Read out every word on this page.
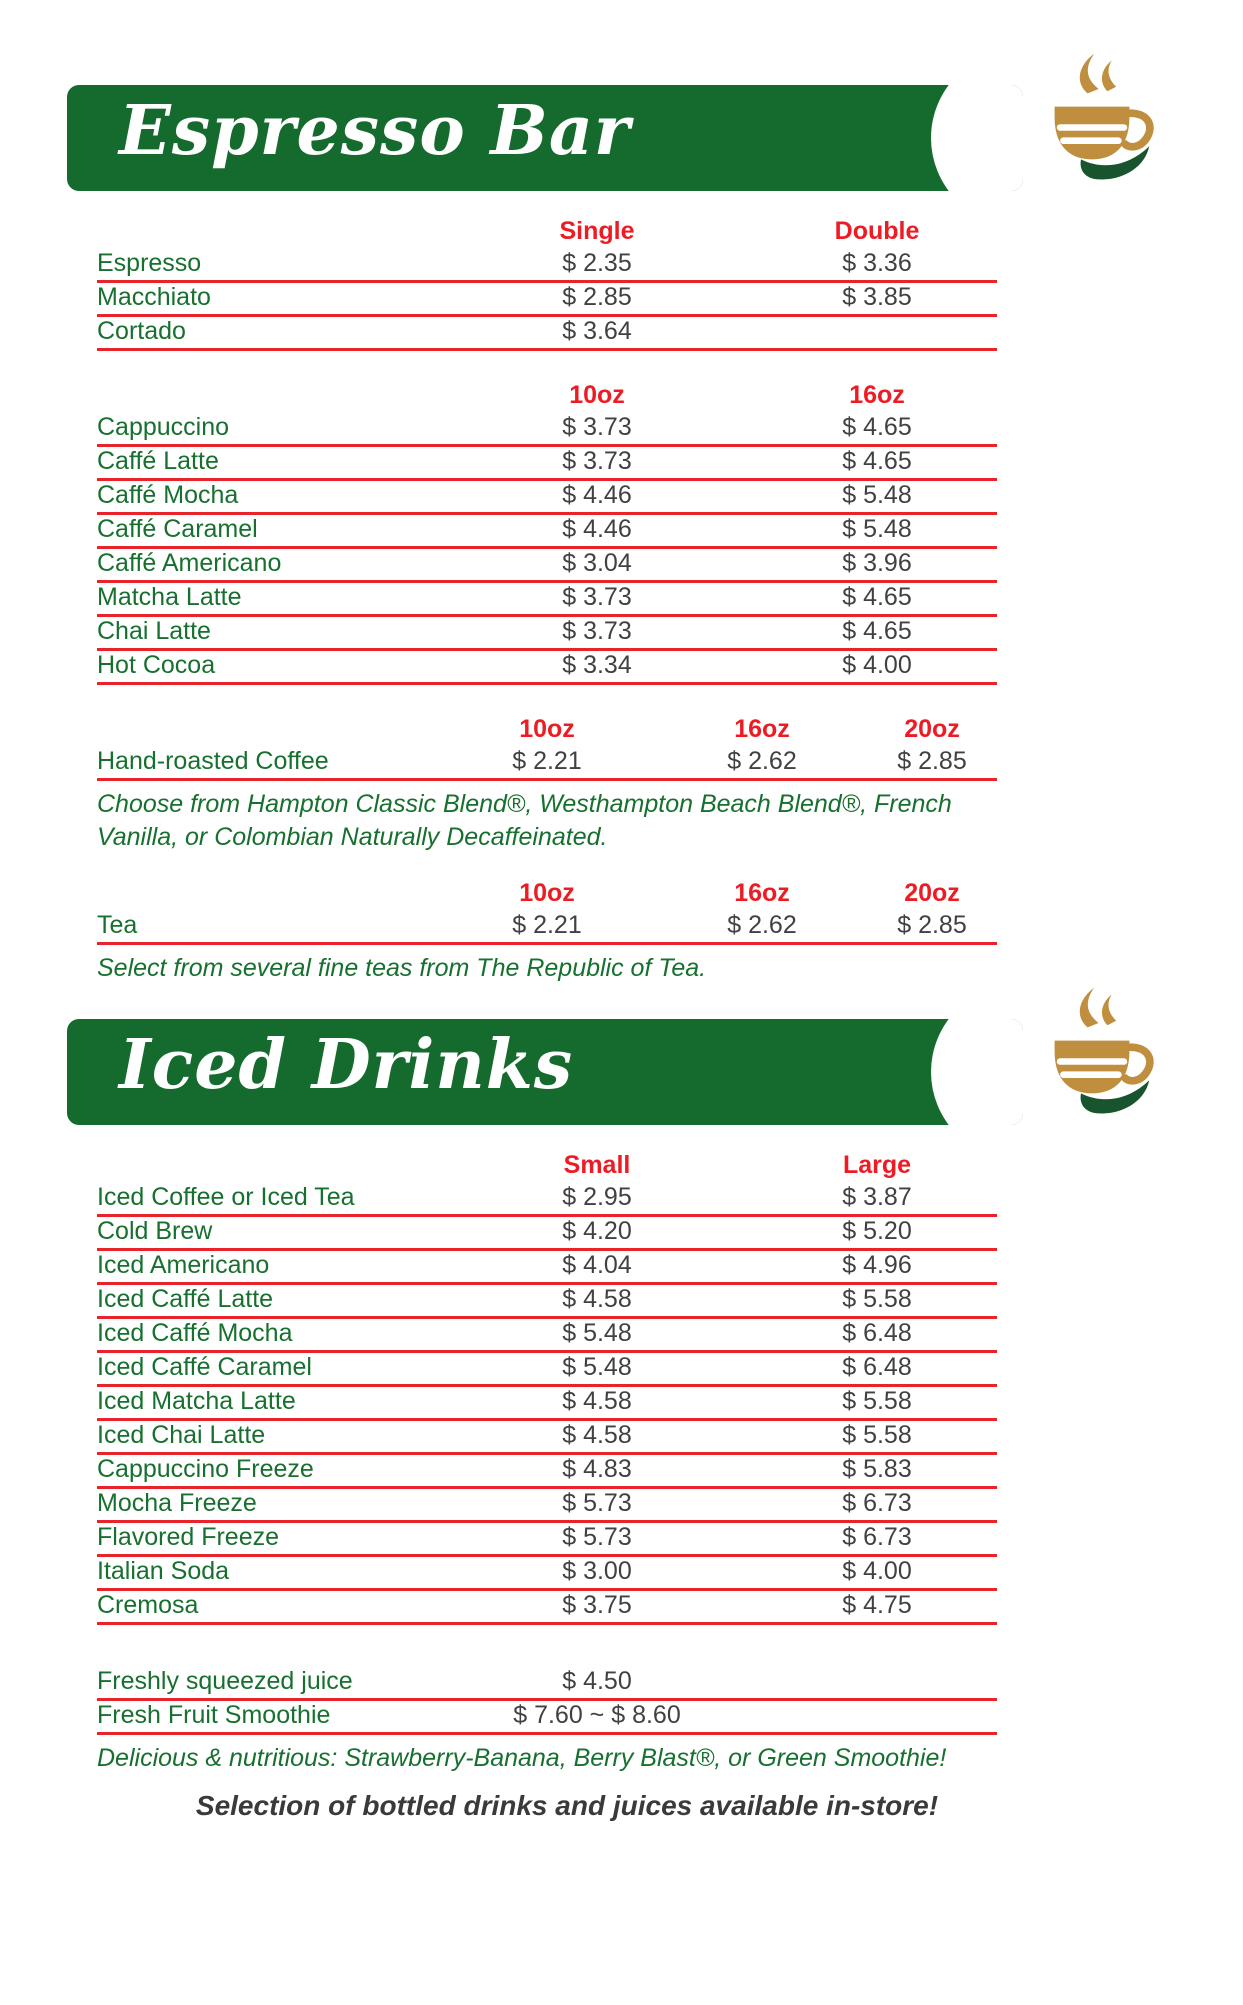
Espresso Bar
Single	Double
Espresso	$ 2.35	$ 3.36
Macchiato	$ 2.85	$ 3.85
Cortado	$ 3.64
10oz	16oz
Cappuccino	$ 3.73	$ 4.65
Caffé Latte	$ 3.73	$ 4.65
Caffé Mocha	$ 4.46	$ 5.48
Caffé Caramel	$ 4.46	$ 5.48
Caffé Americano	$ 3.04	$ 3.96
Matcha Latte	$ 3.73	$ 4.65
Chai Latte	$ 3.73	$ 4.65
Hot Cocoa	$ 3.34	$ 4.00
10oz	16oz	20oz
Hand-roasted Coffee	$ 2.21	$ 2.62	$ 2.85
Choose from Hampton Classic Blend®, Westhampton Beach Blend®, French Vanilla, or Colombian Naturally Decaffeinated.
10oz	16oz	20oz
Tea	$ 2.21	$ 2.62	$ 2.85
Select from several fine teas from The Republic of Tea.
Iced Drinks
Small	Large
Iced Coffee or Iced Tea	$ 2.95	$ 3.87
Cold Brew	$ 4.20	$ 5.20
Iced Americano	$ 4.04	$ 4.96
Iced Caffé Latte	$ 4.58	$ 5.58
Iced Caffé Mocha	$ 5.48	$ 6.48
Iced Caffé Caramel	$ 5.48	$ 6.48
Iced Matcha Latte	$ 4.58	$ 5.58
Iced Chai Latte	$ 4.58	$ 5.58
Cappuccino Freeze	$ 4.83	$ 5.83
Mocha Freeze	$ 5.73	$ 6.73
Flavored Freeze	$ 5.73	$ 6.73
Italian Soda	$ 3.00	$ 4.00
Cremosa	$ 3.75	$ 4.75
Freshly squeezed juice	$ 4.50
Fresh Fruit Smoothie	$ 7.60 ~ $ 8.60
Delicious & nutritious: Strawberry-Banana, Berry Blast®, or Green Smoothie!
Selection of bottled drinks and juices available in-store!
